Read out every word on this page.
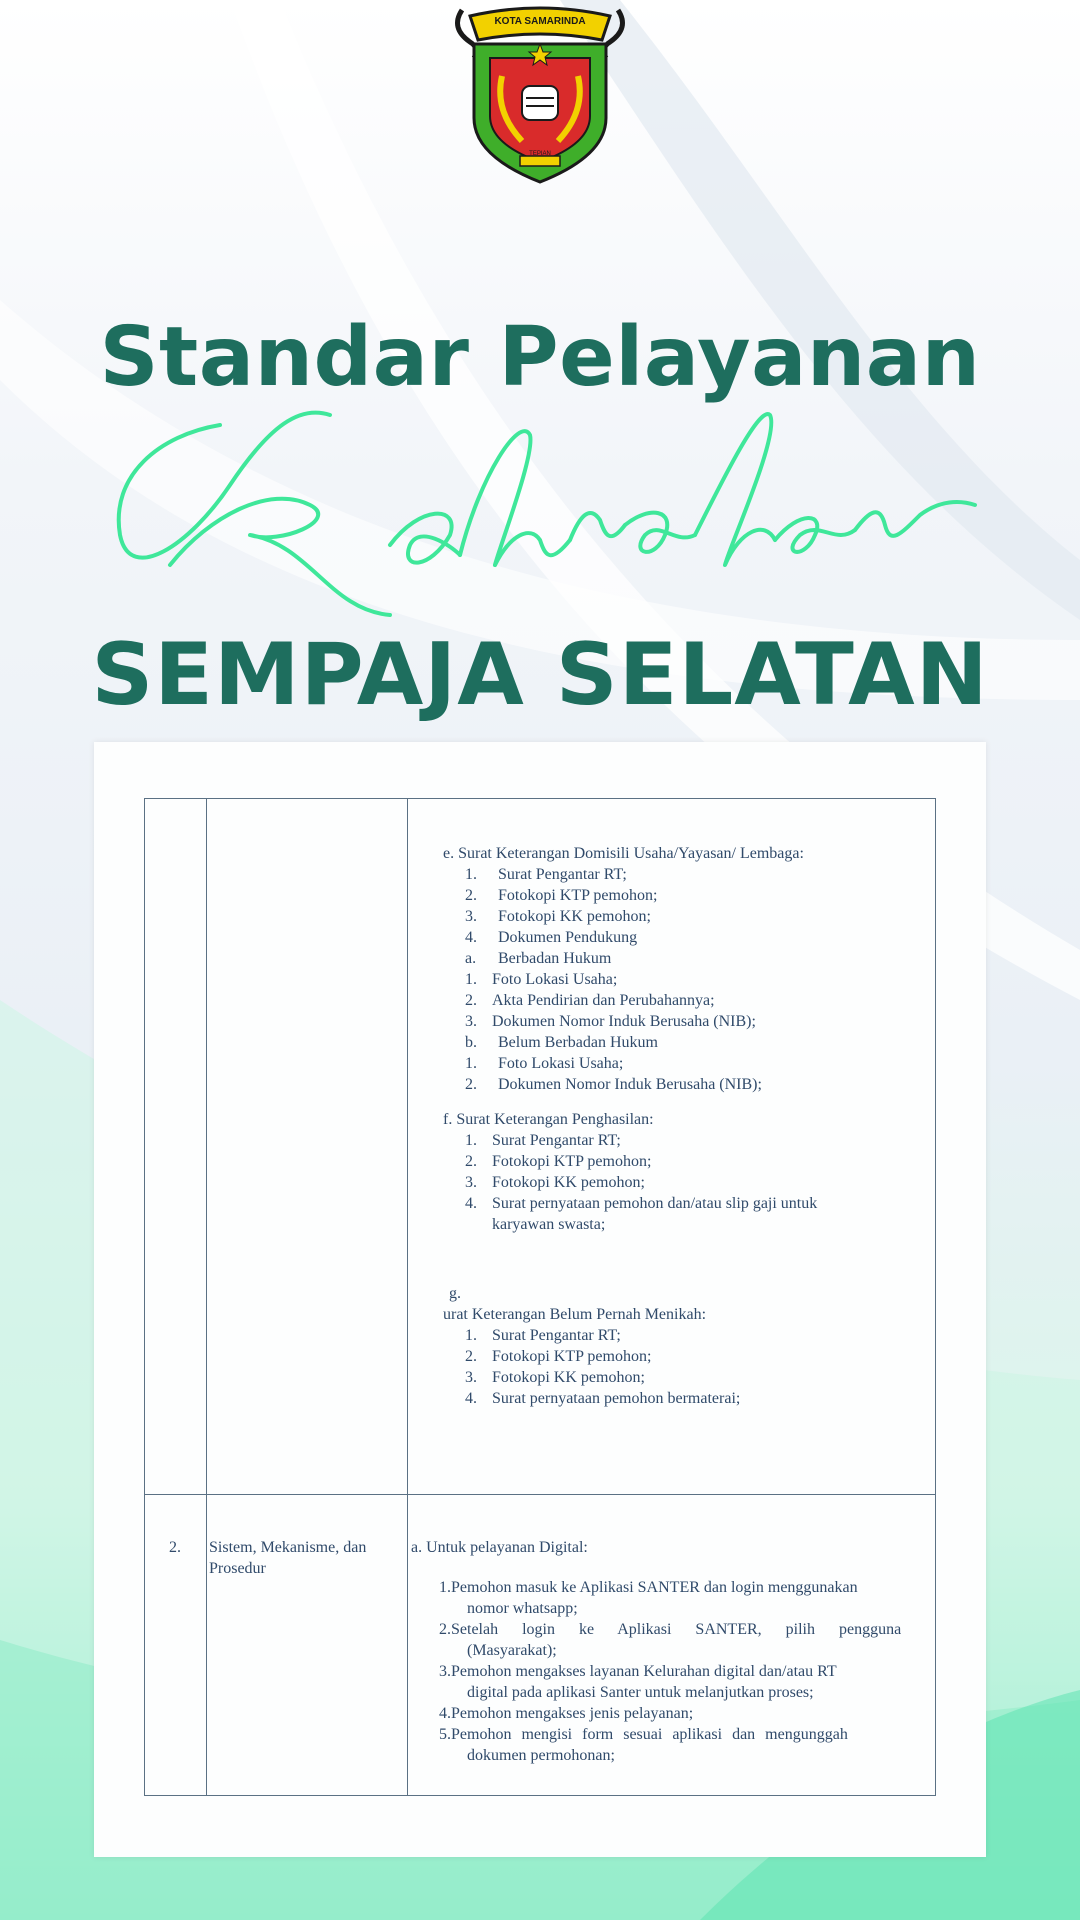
KOTA SAMARINDA
TEPIAN
Standar Pelayanan
SEMPAJA SELATAN
e. Surat Keterangan Domisili Usaha/Yayasan/ Lembaga:
1. Surat Pengantar RT;
2. Fotokopi KTP pemohon;
3. Fotokopi KK pemohon;
4. Dokumen Pendukung
a. Berbadan Hukum
1. Foto Lokasi Usaha;
2. Akta Pendirian dan Perubahannya;
3. Dokumen Nomor Induk Berusaha (NIB);
b. Belum Berbadan Hukum
1. Foto Lokasi Usaha;
2. Dokumen Nomor Induk Berusaha (NIB);
f. Surat Keterangan Penghasilan:
1. Surat Pengantar RT;
2. Fotokopi KTP pemohon;
3. Fotokopi KK pemohon;
4. Surat pernyataan pemohon dan/atau slip gaji untuk
karyawan swasta;
g.
urat Keterangan Belum Pernah Menikah:
1. Surat Pengantar RT;
2. Fotokopi KTP pemohon;
3. Fotokopi KK pemohon;
4. Surat pernyataan pemohon bermaterai;
2. Sistem, Mekanisme, dan
Prosedur
a. Untuk pelayanan Digital:
1.Pemohon masuk ke Aplikasi SANTER dan login menggunakan
nomor whatsapp;
2.Setelah login ke Aplikasi SANTER, pilih pengguna
(Masyarakat);
3.Pemohon mengakses layanan Kelurahan digital dan/atau RT
digital pada aplikasi Santer untuk melanjutkan proses;
4.Pemohon mengakses jenis pelayanan;
5.Pemohon mengisi form sesuai aplikasi dan mengunggah
dokumen permohonan;
